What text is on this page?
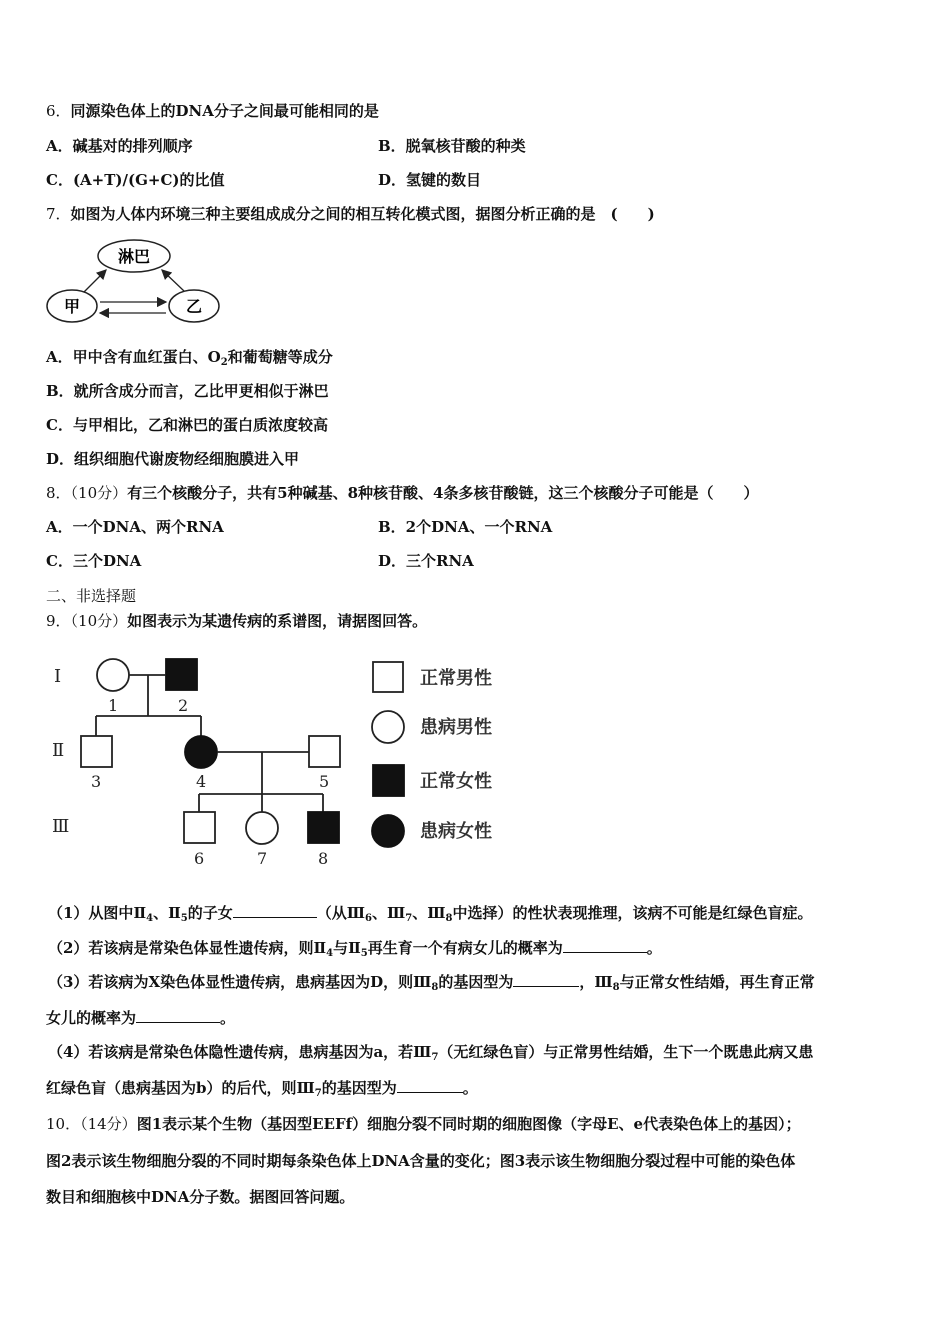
6．同源染色体上的DNA分子之间最可能相同的是
A．碱基对的排列顺序	B．脱氧核苷酸的种类
C．(A+T)/(G+C)的比值	D．氢键的数目
7．如图为人体内环境三种主要组成成分之间的相互转化模式图，据图分析正确的是　(　　)
淋巴
甲	乙
A．甲中含有血红蛋白、$O_2$和葡萄糖等成分
B．就所含成分而言，乙比甲更相似于淋巴
C．与甲相比，乙和淋巴的蛋白质浓度较高
D．组织细胞代谢废物经细胞膜进入甲
8．（10分）有三个核酸分子，共有5种碱基、8种核苷酸、4条多核苷酸链，这三个核酸分子可能是（　　）
A．一个DNA、两个RNA	B．2个DNA、一个RNA
C．三个DNA	D．三个RNA
二、非选择题
9．（10分）如图表示为某遗传病的系谱图，请据图回答。
Ⅰ
Ⅱ
Ⅲ
1	2
3	4	5
6	7	8
正常男性
患病男性
正常女性
患病女性
（1）从图中$Ⅱ_4$、$Ⅱ_5$的子女	（从$Ⅲ_6$、$Ⅲ_7$、$Ⅲ_8$中选择）的性状表现推理，该病不可能是红绿色盲症。
（2）若该病是常染色体显性遗传病，则$Ⅱ_4$与$Ⅱ_5$再生育一个有病女儿的概率为	。
（3）若该病为X染色体显性遗传病，患病基因为D，则$Ⅲ_8$的基因型为	，$Ⅲ_8$与正常女性结婚，再生育正常
女儿的概率为	。
（4）若该病是常染色体隐性遗传病，患病基因为a，若$Ⅲ_7$（无红绿色盲）与正常男性结婚，生下一个既患此病又患
红绿色盲（患病基因为b）的后代，则$Ⅲ_7$的基因型为	。
10．（14分）图1表示某个生物（基因型EEFf）细胞分裂不同时期的细胞图像（字母E、e代表染色体上的基因）；
图2表示该生物细胞分裂的不同时期每条染色体上DNA含量的变化；图3表示该生物细胞分裂过程中可能的染色体
数目和细胞核中DNA分子数。据图回答问题。
